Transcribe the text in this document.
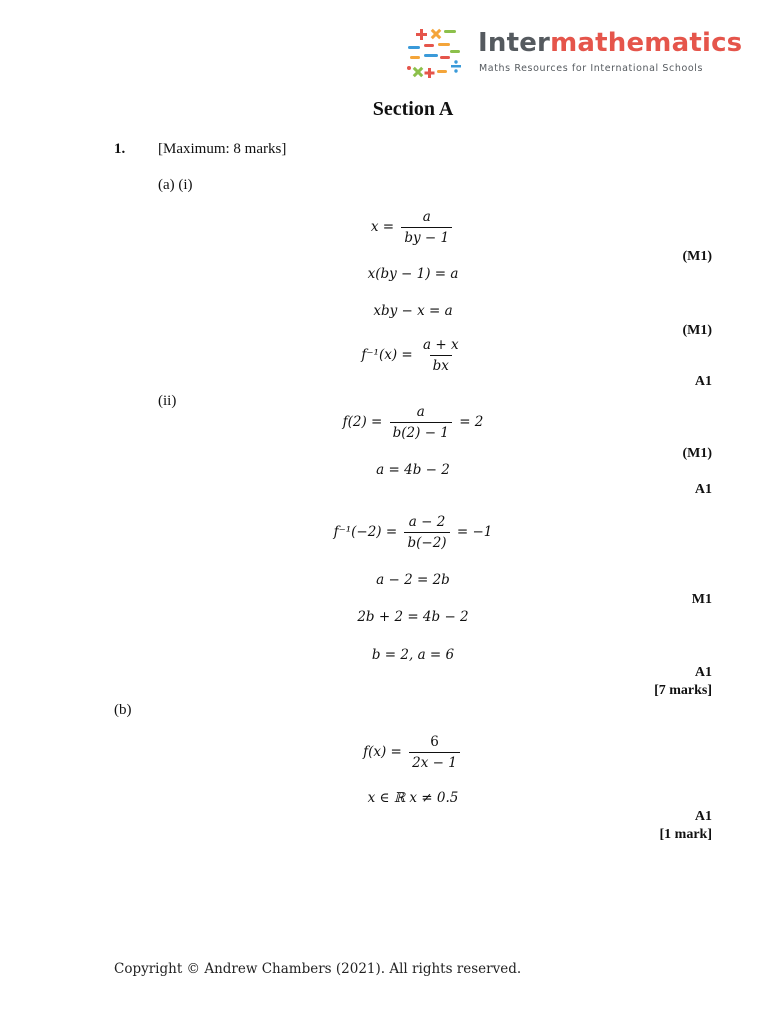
Intermathematics
Maths Resources for International Schools
Section A
1. [Maximum: 8 marks]
(a) (i)
$x = \frac{a}{by - 1}$
(M1)
x(by − 1) = a
xby − x = a
(M1)
$f^{-1}(x) = \frac{a + x}{bx}$
A1
(ii)
$f(2) = \frac{a}{b(2) - 1} = 2$
(M1)
a = 4b − 2
A1
$f^{-1}(-2) = \frac{a - 2}{b(-2)} = -1$
a − 2 = 2b
M1
2b + 2 = 4b − 2
b = 2, a = 6
A1
[7 marks]
(b)
$f(x) = \frac{6}{2x - 1}$
x ∈ ℝ x ≠ 0.5
A1
[1 mark]
Copyright © Andrew Chambers (2021). All rights reserved.
